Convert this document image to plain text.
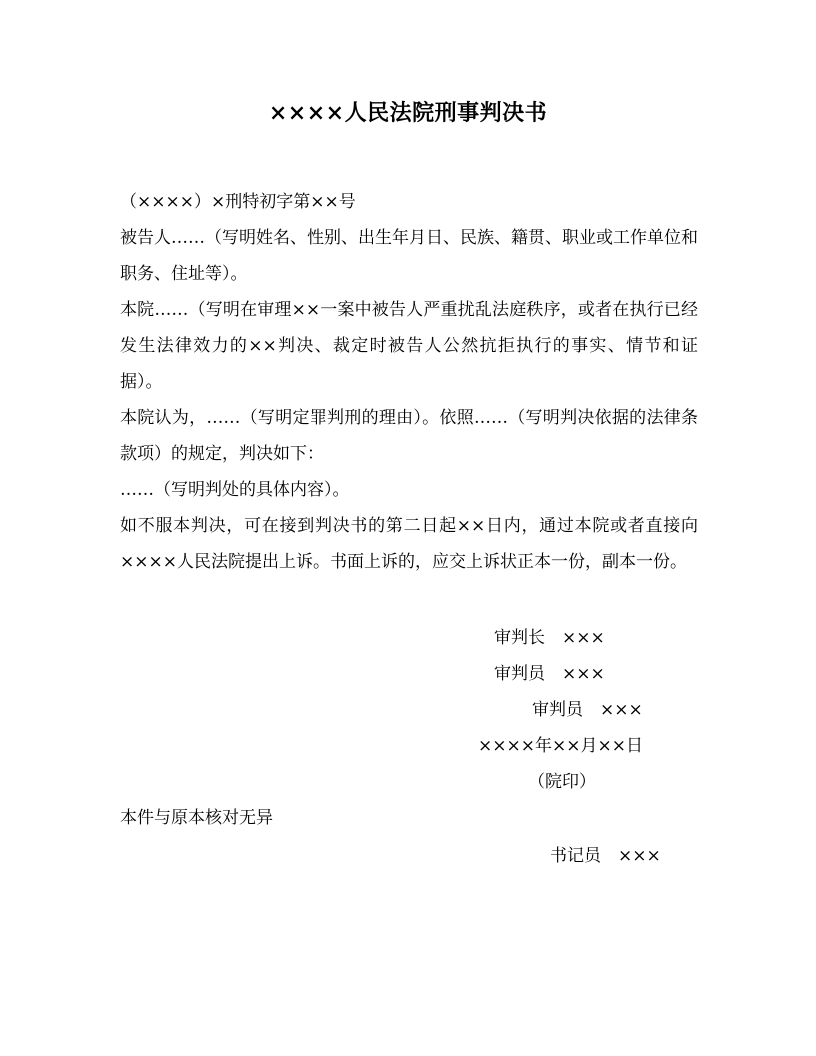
××××人民法院刑事判决书

（××××）×刑特初字第××号

被告人……（写明姓名、性别、出生年月日、民族、籍贯、职业或工作单位和职务、住址等）。

本院……（写明在审理××一案中被告人严重扰乱法庭秩序，或者在执行已经发生法律效力的××判决、裁定时被告人公然抗拒执行的事实、情节和证据）。

本院认为，……（写明定罪判刑的理由）。依照……（写明判决依据的法律条款项）的规定，判决如下：

……（写明判处的具体内容）。

如不服本判决，可在接到判决书的第二日起××日内，通过本院或者直接向××××人民法院提出上诉。书面上诉的，应交上诉状正本一份，副本一份。

审判长　×××
审判员　×××
审判员　×××
××××年××月××日
（院印）
本件与原本核对无异
书记员　×××
